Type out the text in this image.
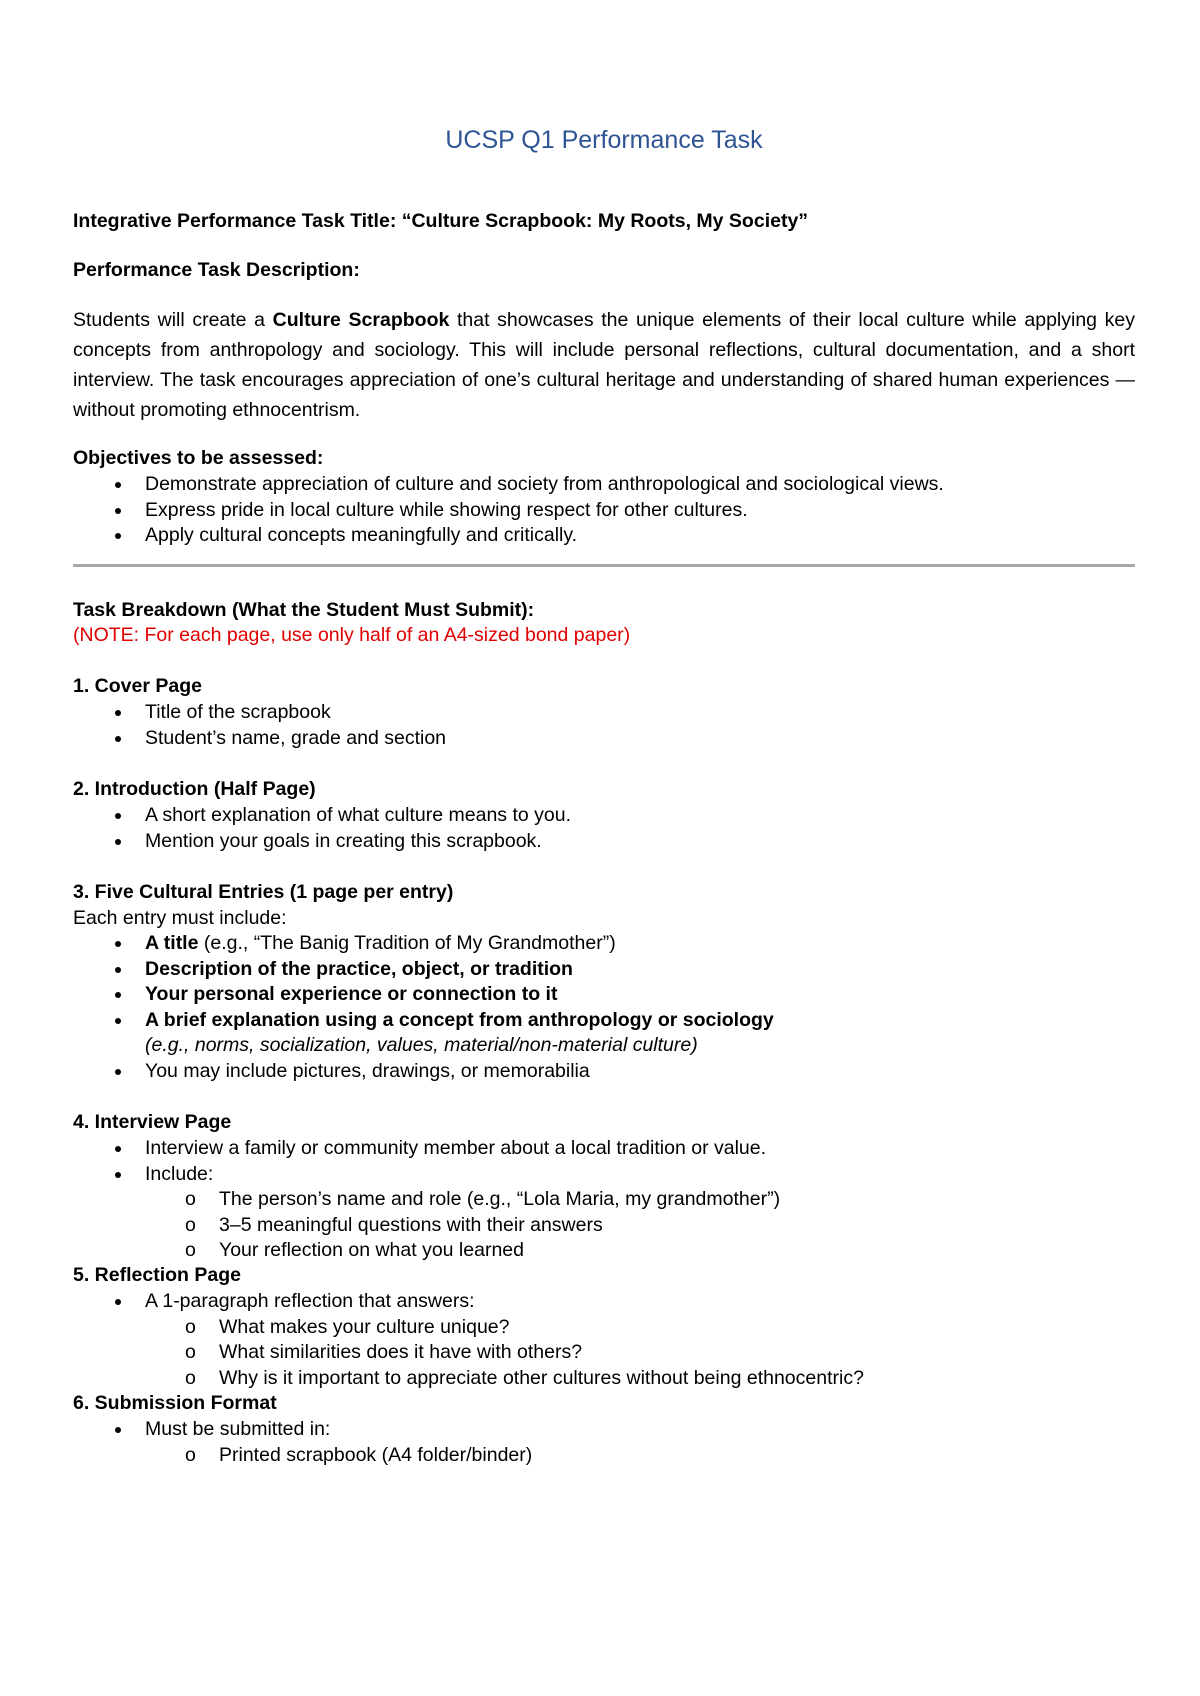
UCSP Q1 Performance Task
Integrative Performance Task Title: “Culture Scrapbook: My Roots, My Society”
Performance Task Description:
Students will create a Culture Scrapbook that showcases the unique elements of their local culture while applying key concepts from anthropology and sociology. This will include personal reflections, cultural documentation, and a short interview. The task encourages appreciation of one’s cultural heritage and understanding of shared human experiences — without promoting ethnocentrism.
Objectives to be assessed:
Demonstrate appreciation of culture and society from anthropological and sociological views.
Express pride in local culture while showing respect for other cultures.
Apply cultural concepts meaningfully and critically.
Task Breakdown (What the Student Must Submit):
(NOTE: For each page, use only half of an A4-sized bond paper)
1. Cover Page
Title of the scrapbook
Student’s name, grade and section
2. Introduction (Half Page)
A short explanation of what culture means to you.
Mention your goals in creating this scrapbook.
3. Five Cultural Entries (1 page per entry)
Each entry must include:
A title (e.g., “The Banig Tradition of My Grandmother”)
Description of the practice, object, or tradition
Your personal experience or connection to it
A brief explanation using a concept from anthropology or sociology
(e.g., norms, socialization, values, material/non-material culture)
You may include pictures, drawings, or memorabilia
4. Interview Page
Interview a family or community member about a local tradition or value.
Include:
o The person’s name and role (e.g., “Lola Maria, my grandmother”)
o 3–5 meaningful questions with their answers
o Your reflection on what you learned
5. Reflection Page
A 1-paragraph reflection that answers:
o What makes your culture unique?
o What similarities does it have with others?
o Why is it important to appreciate other cultures without being ethnocentric?
6. Submission Format
Must be submitted in:
o Printed scrapbook (A4 folder/binder)
